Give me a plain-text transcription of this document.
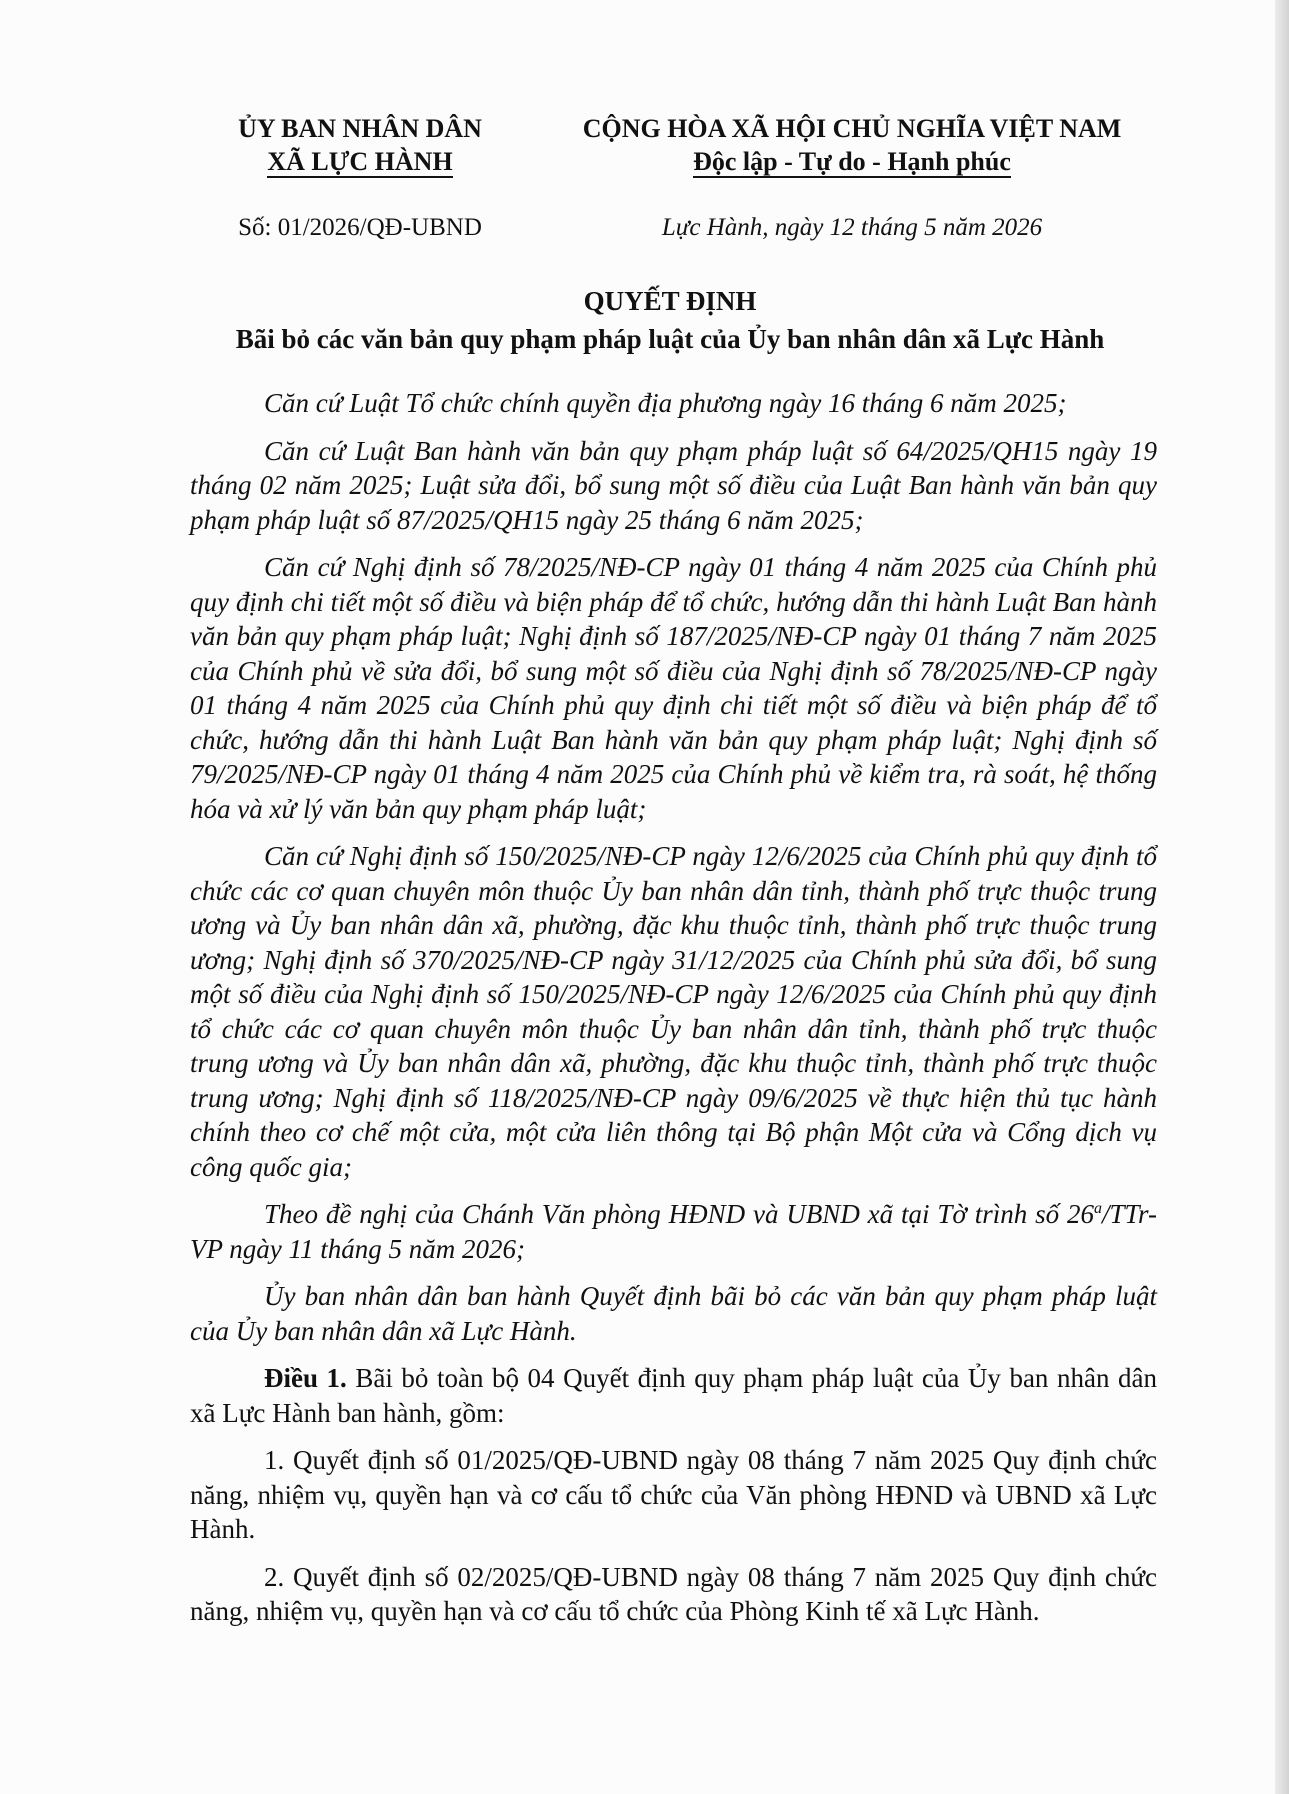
ỦY BAN NHÂN DÂN
XÃ LỰC HÀNH
CỘNG HÒA XÃ HỘI CHỦ NGHĨA VIỆT NAM
Độc lập - Tự do - Hạnh phúc
Số: 01/2026/QĐ-UBND	Lực Hành, ngày 12 tháng 5 năm 2026
QUYẾT ĐỊNH
Bãi bỏ các văn bản quy phạm pháp luật của Ủy ban nhân dân xã Lực Hành

Căn cứ Luật Tổ chức chính quyền địa phương ngày 16 tháng 6 năm 2025;

Căn cứ Luật Ban hành văn bản quy phạm pháp luật số 64/2025/QH15 ngày 19 tháng 02 năm 2025; Luật sửa đổi, bổ sung một số điều của Luật Ban hành văn bản quy phạm pháp luật số 87/2025/QH15 ngày 25 tháng 6 năm 2025;

Căn cứ Nghị định số 78/2025/NĐ-CP ngày 01 tháng 4 năm 2025 của Chính phủ quy định chi tiết một số điều và biện pháp để tổ chức, hướng dẫn thi hành Luật Ban hành văn bản quy phạm pháp luật; Nghị định số 187/2025/NĐ-CP ngày 01 tháng 7 năm 2025 của Chính phủ về sửa đổi, bổ sung một số điều của Nghị định số 78/2025/NĐ-CP ngày 01 tháng 4 năm 2025 của Chính phủ quy định chi tiết một số điều và biện pháp để tổ chức, hướng dẫn thi hành Luật Ban hành văn bản quy phạm pháp luật; Nghị định số 79/2025/NĐ-CP ngày 01 tháng 4 năm 2025 của Chính phủ về kiểm tra, rà soát, hệ thống hóa và xử lý văn bản quy phạm pháp luật;

Căn cứ Nghị định số 150/2025/NĐ-CP ngày 12/6/2025 của Chính phủ quy định tổ chức các cơ quan chuyên môn thuộc Ủy ban nhân dân tỉnh, thành phố trực thuộc trung ương và Ủy ban nhân dân xã, phường, đặc khu thuộc tỉnh, thành phố trực thuộc trung ương; Nghị định số 370/2025/NĐ-CP ngày 31/12/2025 của Chính phủ sửa đổi, bổ sung một số điều của Nghị định số 150/2025/NĐ-CP ngày 12/6/2025 của Chính phủ quy định tổ chức các cơ quan chuyên môn thuộc Ủy ban nhân dân tỉnh, thành phố trực thuộc trung ương và Ủy ban nhân dân xã, phường, đặc khu thuộc tỉnh, thành phố trực thuộc trung ương; Nghị định số 118/2025/NĐ-CP ngày 09/6/2025 về thực hiện thủ tục hành chính theo cơ chế một cửa, một cửa liên thông tại Bộ phận Một cửa và Cổng dịch vụ công quốc gia;

Theo đề nghị của Chánh Văn phòng HĐND và UBND xã tại Tờ trình số 26$^a$/TTr-VP ngày 11 tháng 5 năm 2026;

Ủy ban nhân dân ban hành Quyết định bãi bỏ các văn bản quy phạm pháp luật của Ủy ban nhân dân xã Lực Hành.

Điều 1. Bãi bỏ toàn bộ 04 Quyết định quy phạm pháp luật của Ủy ban nhân dân xã Lực Hành ban hành, gồm:

1. Quyết định số 01/2025/QĐ-UBND ngày 08 tháng 7 năm 2025 Quy định chức năng, nhiệm vụ, quyền hạn và cơ cấu tổ chức của Văn phòng HĐND và UBND xã Lực Hành.

2. Quyết định số 02/2025/QĐ-UBND ngày 08 tháng 7 năm 2025 Quy định chức năng, nhiệm vụ, quyền hạn và cơ cấu tổ chức của Phòng Kinh tế xã Lực Hành.
